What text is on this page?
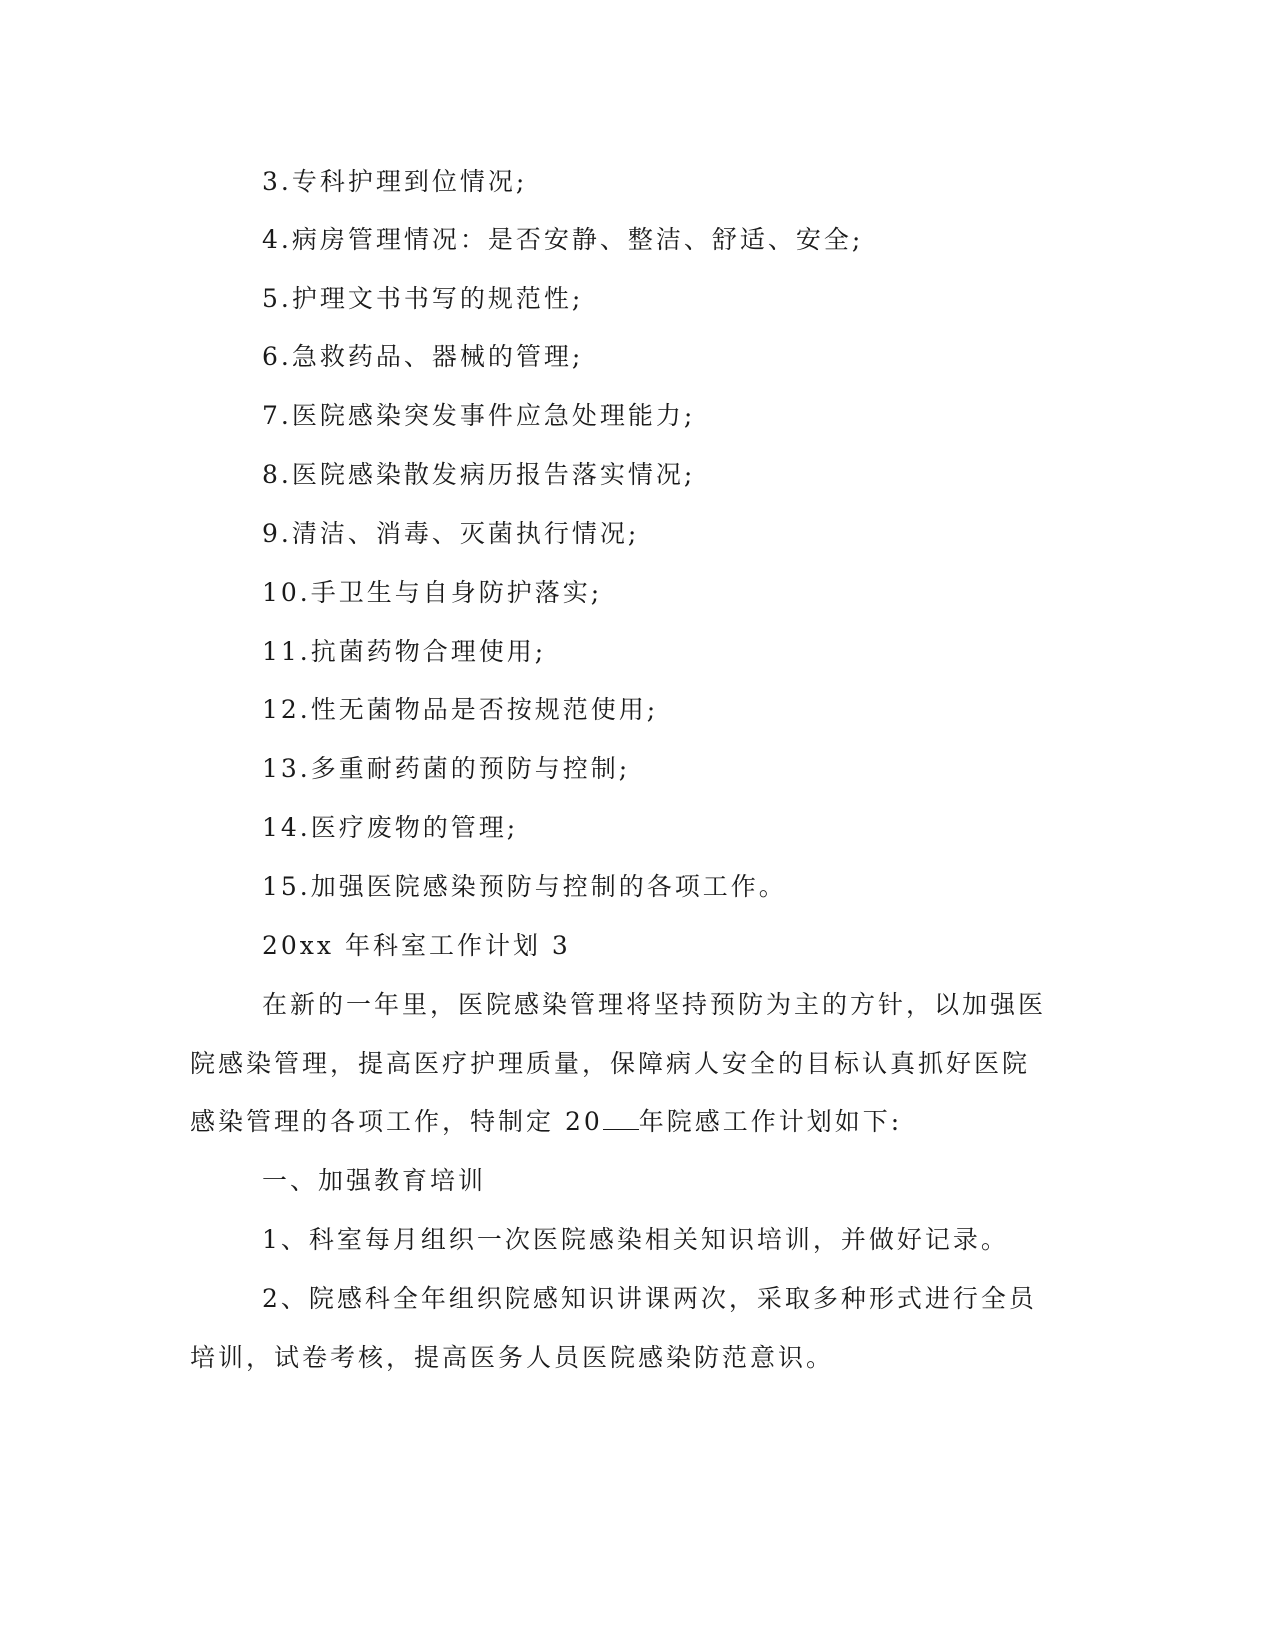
3.专科护理到位情况;
4.病房管理情况：是否安静、整洁、舒适、安全;
5.护理文书书写的规范性;
6.急救药品、器械的管理;
7.医院感染突发事件应急处理能力;
8.医院感染散发病历报告落实情况;
9.清洁、消毒、灭菌执行情况;
10.手卫生与自身防护落实;
11.抗菌药物合理使用;
12.性无菌物品是否按规范使用;
13.多重耐药菌的预防与控制;
14.医疗废物的管理;
15.加强医院感染预防与控制的各项工作。
20xx 年科室工作计划 3
在新的一年里，医院感染管理将坚持预防为主的方针，以加强医
院感染管理，提高医疗护理质量，保障病人安全的目标认真抓好医院
感染管理的各项工作，特制定 20 年院感工作计划如下:
一、加强教育培训
1、科室每月组织一次医院感染相关知识培训，并做好记录。
2、院感科全年组织院感知识讲课两次，采取多种形式进行全员
培训，试卷考核，提高医务人员医院感染防范意识。
